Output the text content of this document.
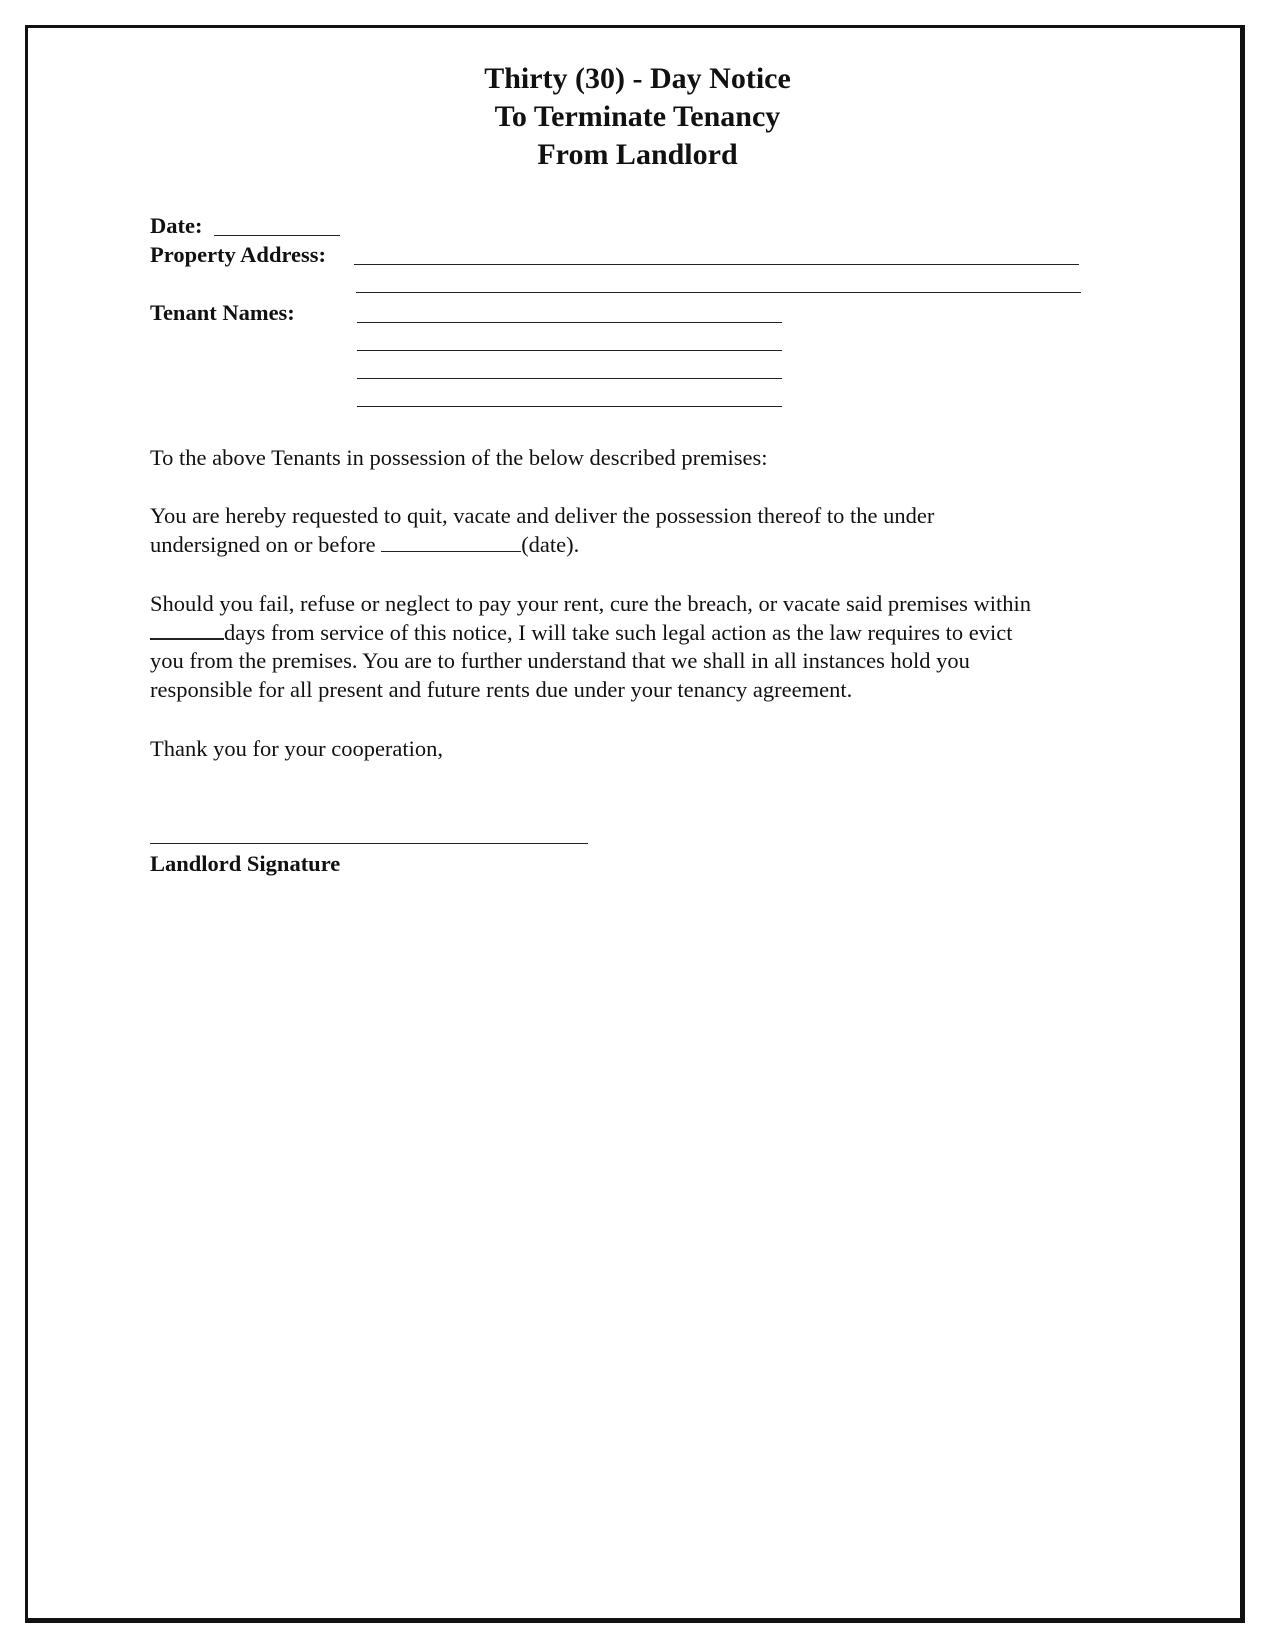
Thirty (30) - Day Notice
To Terminate Tenancy
From Landlord
Date:
Property Address:
Tenant Names:
To the above Tenants in possession of the below described premises:
You are hereby requested to quit, vacate and deliver the possession thereof to the under
undersigned on or before	(date).
Should you fail, refuse or neglect to pay your rent, cure the breach, or vacate said premises within
days from service of this notice, I will take such legal action as the law requires to evict
you from the premises. You are to further understand that we shall in all instances hold you
responsible for all present and future rents due under your tenancy agreement.
Thank you for your cooperation,
Landlord Signature
